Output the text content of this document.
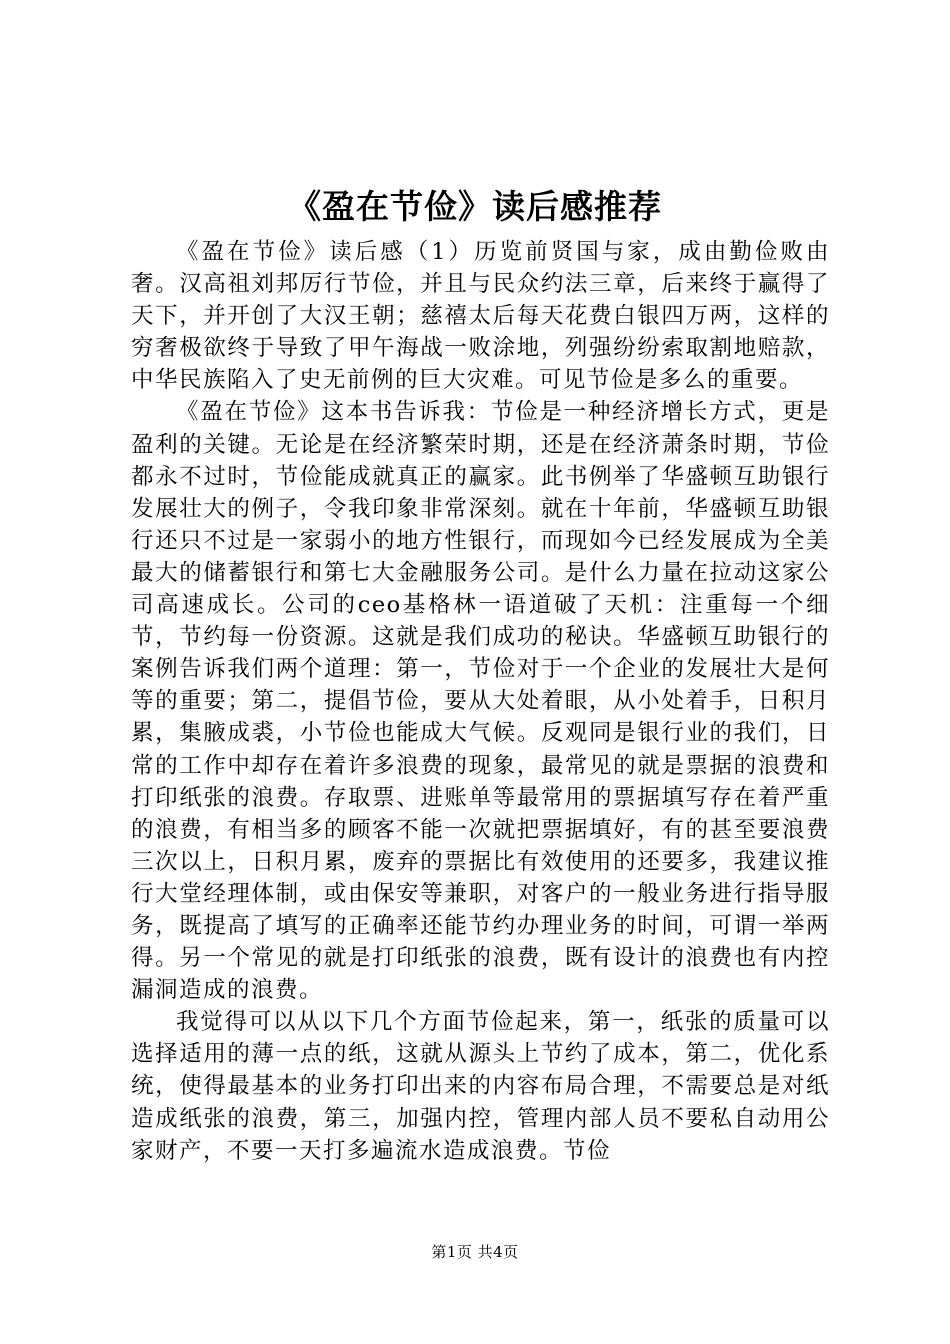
《盈在节俭》读后感推荐

《盈在节俭》读后感（1）历览前贤国与家，成由勤俭败由奢。汉高祖刘邦厉行节俭，并且与民众约法三章，后来终于赢得了天下，并开创了大汉王朝；慈禧太后每天花费白银四万两，这样的穷奢极欲终于导致了甲午海战一败涂地，列强纷纷索取割地赔款，中华民族陷入了史无前例的巨大灾难。可见节俭是多么的重要。

《盈在节俭》这本书告诉我：节俭是一种经济增长方式，更是盈利的关键。无论是在经济繁荣时期，还是在经济萧条时期，节俭都永不过时，节俭能成就真正的赢家。此书例举了华盛顿互助银行发展壮大的例子，令我印象非常深刻。就在十年前，华盛顿互助银行还只不过是一家弱小的地方性银行，而现如今已经发展成为全美最大的储蓄银行和第七大金融服务公司。是什么力量在拉动这家公司高速成长。公司的ceo基格林一语道破了天机：注重每一个细节，节约每一份资源。这就是我们成功的秘诀。华盛顿互助银行的案例告诉我们两个道理：第一，节俭对于一个企业的发展壮大是何等的重要；第二，提倡节俭，要从大处着眼，从小处着手，日积月累，集腋成裘，小节俭也能成大气候。反观同是银行业的我们，日常的工作中却存在着许多浪费的现象，最常见的就是票据的浪费和打印纸张的浪费。存取票、进账单等最常用的票据填写存在着严重的浪费，有相当多的顾客不能一次就把票据填好，有的甚至要浪费三次以上，日积月累，废弃的票据比有效使用的还要多，我建议推行大堂经理体制，或由保安等兼职，对客户的一般业务进行指导服务，既提高了填写的正确率还能节约办理业务的时间，可谓一举两得。另一个常见的就是打印纸张的浪费，既有设计的浪费也有内控漏洞造成的浪费。

我觉得可以从以下几个方面节俭起来，第一，纸张的质量可以选择适用的薄一点的纸，这就从源头上节约了成本，第二，优化系统，使得最基本的业务打印出来的内容布局合理，不需要总是对纸造成纸张的浪费，第三，加强内控，管理内部人员不要私自动用公家财产，不要一天打多遍流水造成浪费。节俭

第1页 共4页
